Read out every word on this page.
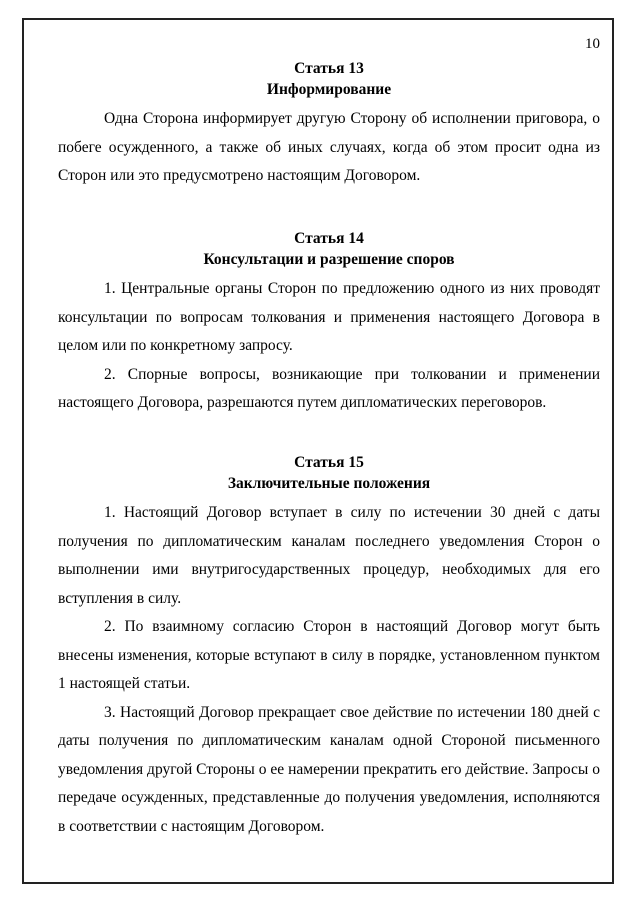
10

Статья 13

Информирование

Одна Сторона информирует другую Сторону об исполнении приговора, о побеге осужденного, а также об иных случаях, когда об этом просит одна из Сторон или это предусмотрено настоящим Договором.

Статья 14

Консультации и разрешение споров

1. Центральные органы Сторон по предложению одного из них проводят консультации по вопросам толкования и применения настоящего Договора в целом или по конкретному запросу.

2. Спорные вопросы, возникающие при толковании и применении настоящего Договора, разрешаются путем дипломатических переговоров.

Статья 15

Заключительные положения

1. Настоящий Договор вступает в силу по истечении 30 дней с даты получения по дипломатическим каналам последнего уведомления Сторон о выполнении ими внутригосударственных процедур, необходимых для его вступления в силу.

2. По взаимному согласию Сторон в настоящий Договор могут быть внесены изменения, которые вступают в силу в порядке, установленном пунктом 1 настоящей статьи.

3. Настоящий Договор прекращает свое действие по истечении 180 дней с даты получения по дипломатическим каналам одной Стороной письменного уведомления другой Стороны о ее намерении прекратить его действие. Запросы о передаче осужденных, представленные до получения уведомления, исполняются в соответствии с настоящим Договором.
